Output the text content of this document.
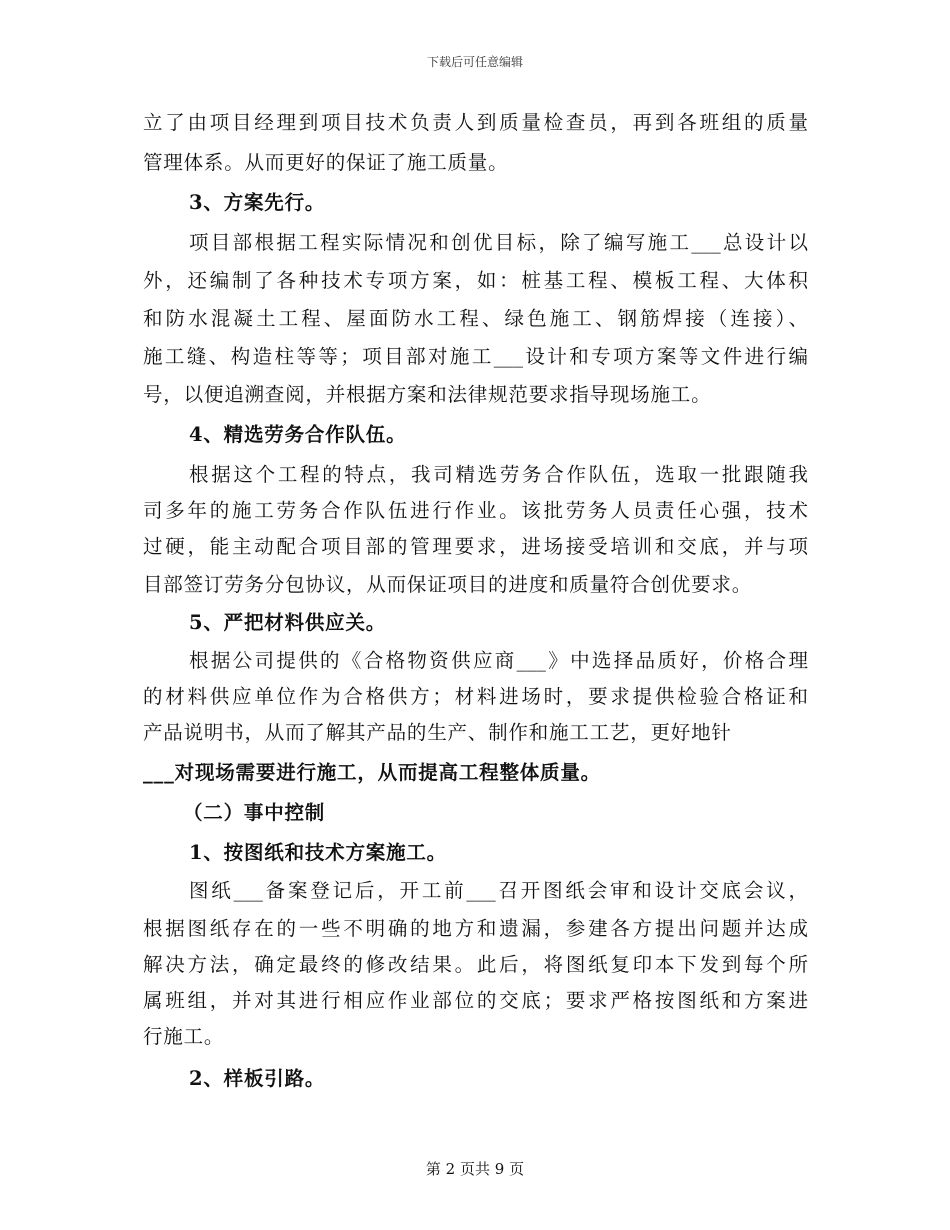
下载后可任意编辑
立了由项目经理到项目技术负责人到质量检查员，再到各班组的质量
管理体系。从而更好的保证了施工质量。
3、方案先行。
项目部根据工程实际情况和创优目标，除了编写施工___总设计以
外，还编制了各种技术专项方案，如：桩基工程、模板工程、大体积
和防水混凝土工程、屋面防水工程、绿色施工、钢筋焊接（连接）、
施工缝、构造柱等等；项目部对施工___设计和专项方案等文件进行编
号，以便追溯查阅，并根据方案和法律规范要求指导现场施工。
4、精选劳务合作队伍。
根据这个工程的特点，我司精选劳务合作队伍，选取一批跟随我
司多年的施工劳务合作队伍进行作业。该批劳务人员责任心强，技术
过硬，能主动配合项目部的管理要求，进场接受培训和交底，并与项
目部签订劳务分包协议，从而保证项目的进度和质量符合创优要求。
5、严把材料供应关。
根据公司提供的《合格物资供应商___》中选择品质好，价格合理
的材料供应单位作为合格供方；材料进场时，要求提供检验合格证和
产品说明书，从而了解其产品的生产、制作和施工工艺，更好地针
___对现场需要进行施工，从而提高工程整体质量。
（二）事中控制
1、按图纸和技术方案施工。
图纸___备案登记后，开工前___召开图纸会审和设计交底会议，
根据图纸存在的一些不明确的地方和遗漏，参建各方提出问题并达成
解决方法，确定最终的修改结果。此后，将图纸复印本下发到每个所
属班组，并对其进行相应作业部位的交底；要求严格按图纸和方案进
行施工。
2、样板引路。
第 2 页共 9 页
